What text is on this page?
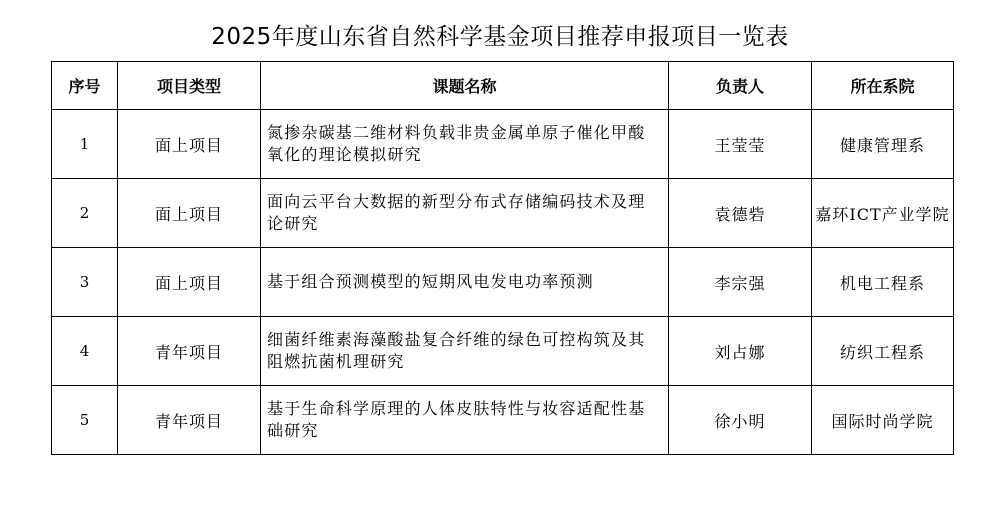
2025年度山东省自然科学基金项目推荐申报项目一览表
序号	项目类型	课题名称	负责人	所在系院
1	面上项目	氮掺杂碳基二维材料负载非贵金属单原子催化甲酸氧化的理论模拟研究	王莹莹	健康管理系
2	面上项目	面向云平台大数据的新型分布式存储编码技术及理论研究	袁德砦	嘉环ICT产业学院
3	面上项目	基于组合预测模型的短期风电发电功率预测	李宗强	机电工程系
4	青年项目	细菌纤维素海藻酸盐复合纤维的绿色可控构筑及其阻燃抗菌机理研究	刘占娜	纺织工程系
5	青年项目	基于生命科学原理的人体皮肤特性与妆容适配性基础研究	徐小明	国际时尚学院
